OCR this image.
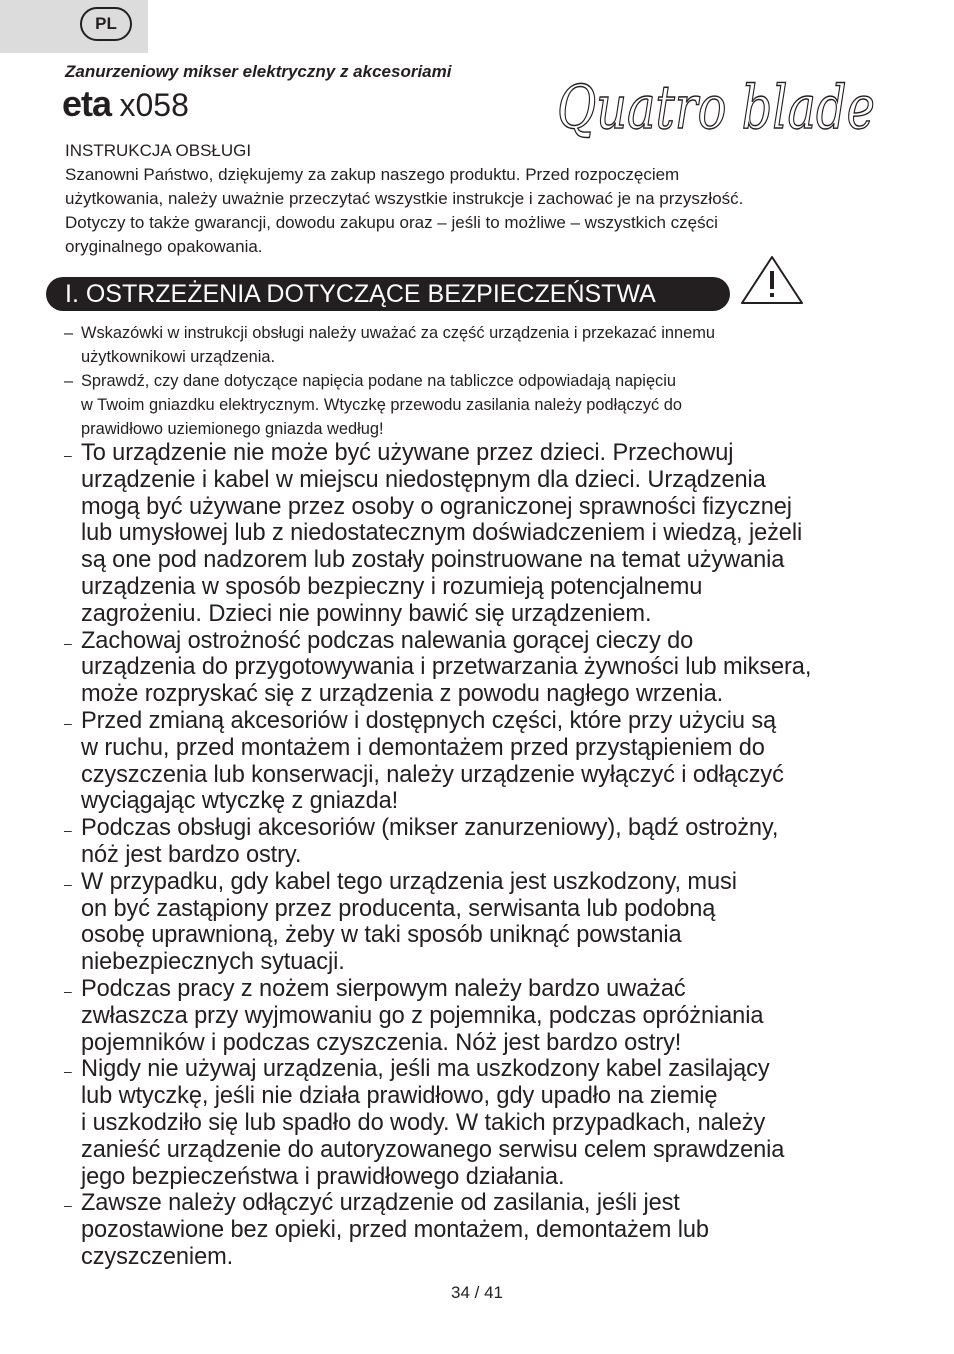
PL
Zanurzeniowy mikser elektryczny z akcesoriami
eta x058	Quatro blade
INSTRUKCJA OBSŁUGI
Szanowni Państwo, dziękujemy za zakup naszego produktu. Przed rozpoczęciem
użytkowania, należy uważnie przeczytać wszystkie instrukcje i zachować je na przyszłość.
Dotyczy to także gwarancji, dowodu zakupu oraz – jeśli to możliwe – wszystkich części
oryginalnego opakowania.
I. OSTRZEŻENIA DOTYCZĄCE BEZPIECZEŃSTWA
– Wskazówki w instrukcji obsługi należy uważać za część urządzenia i przekazać innemu
użytkownikowi urządzenia.
– Sprawdź, czy dane dotyczące napięcia podane na tabliczce odpowiadają napięciu
w Twoim gniazdku elektrycznym. Wtyczkę przewodu zasilania należy podłączyć do
prawidłowo uziemionego gniazda według!
– To urządzenie nie może być używane przez dzieci. Przechowuj
urządzenie i kabel w miejscu niedostępnym dla dzieci. Urządzenia
mogą być używane przez osoby o ograniczonej sprawności fizycznej
lub umysłowej lub z niedostatecznym doświadczeniem i wiedzą, jeżeli
są one pod nadzorem lub zostały poinstruowane na temat używania
urządzenia w sposób bezpieczny i rozumieją potencjalnemu
zagrożeniu. Dzieci nie powinny bawić się urządzeniem.
– Zachowaj ostrożność podczas nalewania gorącej cieczy do
urządzenia do przygotowywania i przetwarzania żywności lub miksera,
może rozpryskać się z urządzenia z powodu nagłego wrzenia.
– Przed zmianą akcesoriów i dostępnych części, które przy użyciu są
w ruchu, przed montażem i demontażem przed przystąpieniem do
czyszczenia lub konserwacji, należy urządzenie wyłączyć i odłączyć
wyciągając wtyczkę z gniazda!
– Podczas obsługi akcesoriów (mikser zanurzeniowy), bądź ostrożny,
nóż jest bardzo ostry.
– W przypadku, gdy kabel tego urządzenia jest uszkodzony, musi
on być zastąpiony przez producenta, serwisanta lub podobną
osobę uprawnioną, żeby w taki sposób uniknąć powstania
niebezpiecznych sytuacji.
– Podczas pracy z nożem sierpowym należy bardzo uważać
zwłaszcza przy wyjmowaniu go z pojemnika, podczas opróżniania
pojemników i podczas czyszczenia. Nóż jest bardzo ostry!
– Nigdy nie używaj urządzenia, jeśli ma uszkodzony kabel zasilający
lub wtyczkę, jeśli nie działa prawidłowo, gdy upadło na ziemię
i uszkodziło się lub spadło do wody. W takich przypadkach, należy
zanieść urządzenie do autoryzowanego serwisu celem sprawdzenia
jego bezpieczeństwa i prawidłowego działania.
– Zawsze należy odłączyć urządzenie od zasilania, jeśli jest
pozostawione bez opieki, przed montażem, demontażem lub
czyszczeniem.
34 / 41
